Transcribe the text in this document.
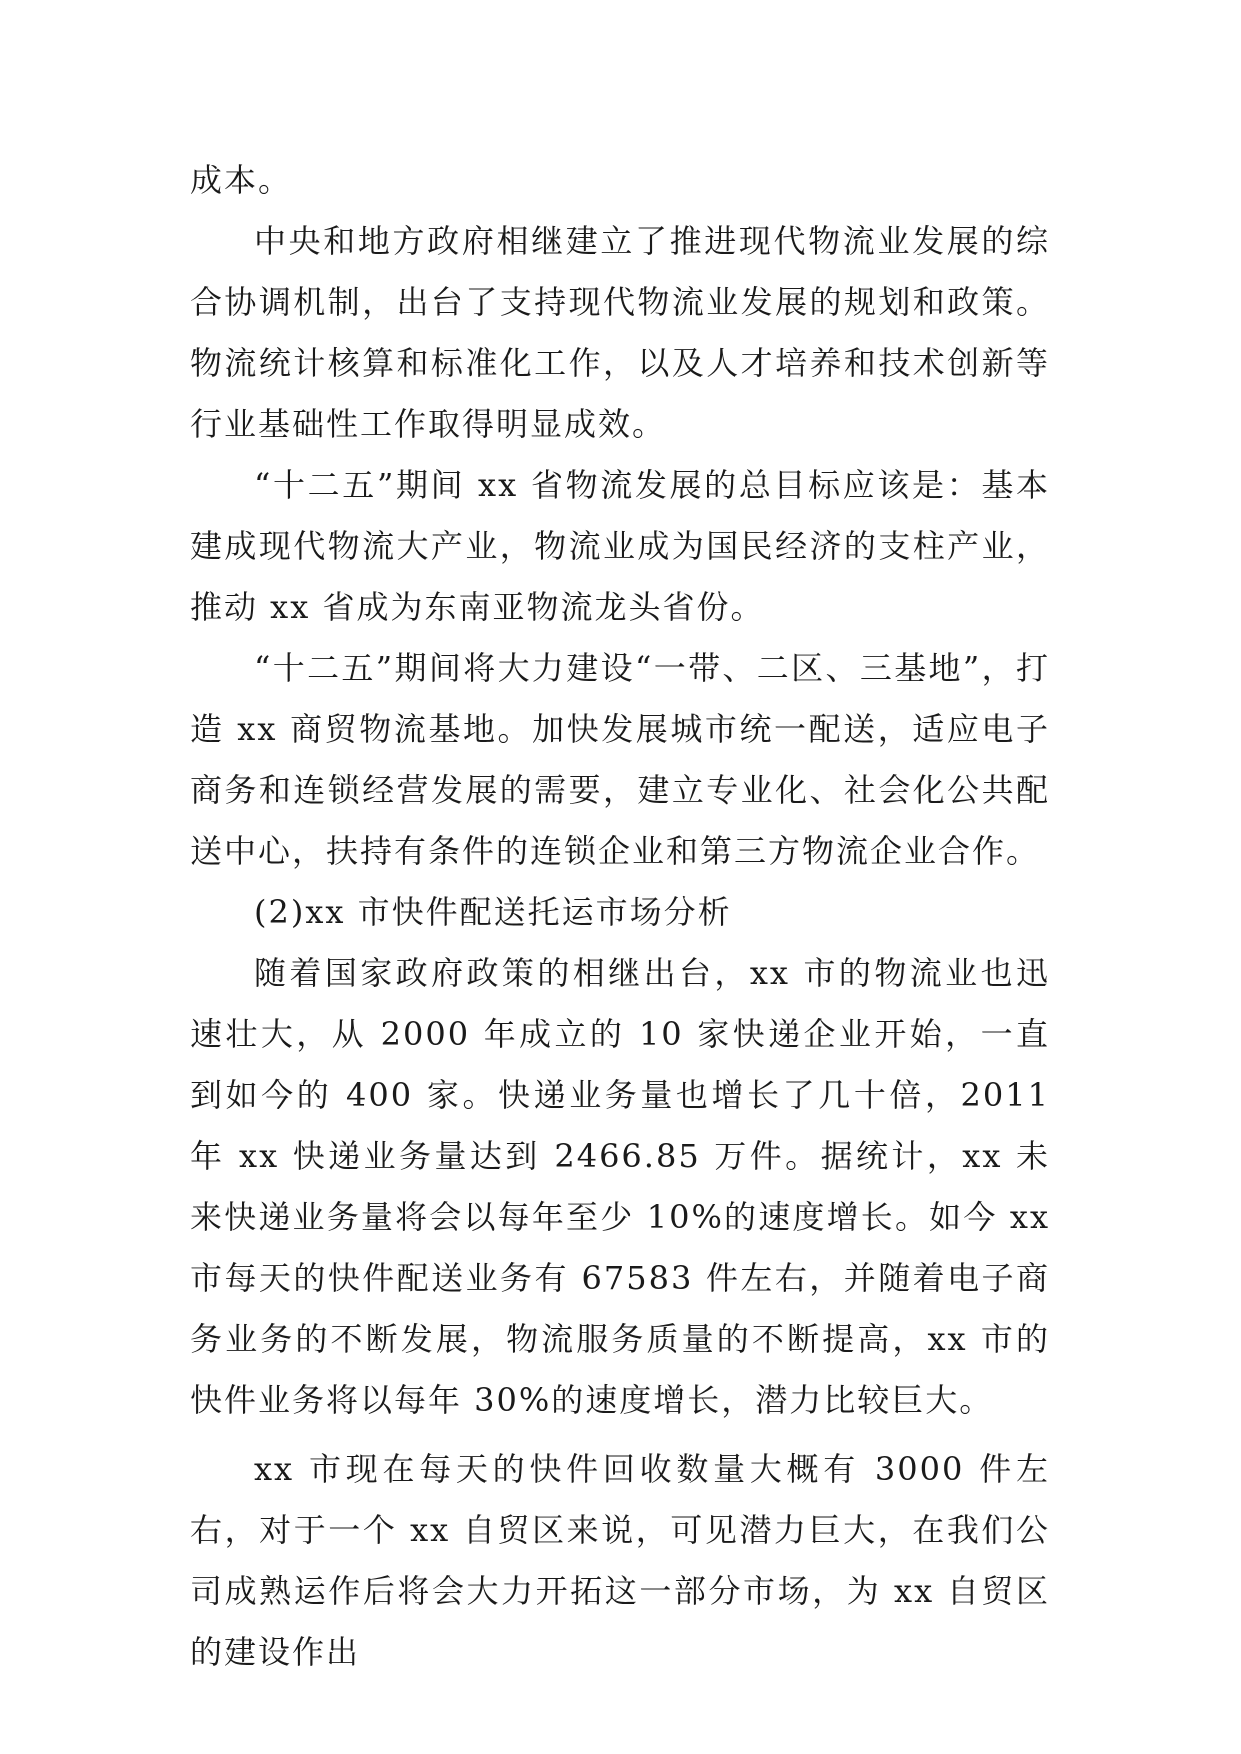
成本。

中央和地方政府相继建立了推进现代物流业发展的综合协调机制，出台了支持现代物流业发展的规划和政策。物流统计核算和标准化工作，以及人才培养和技术创新等行业基础性工作取得明显成效。

“十二五”期间 xx 省物流发展的总目标应该是：基本建成现代物流大产业，物流业成为国民经济的支柱产业，推动 xx 省成为东南亚物流龙头省份。

“十二五”期间将大力建设“一带、二区、三基地”，打造 xx 商贸物流基地。加快发展城市统一配送，适应电子商务和连锁经营发展的需要，建立专业化、社会化公共配送中心，扶持有条件的连锁企业和第三方物流企业合作。

(2)xx 市快件配送托运市场分析

随着国家政府政策的相继出台，xx 市的物流业也迅速壮大，从 2000 年成立的 10 家快递企业开始，一直到如今的 400 家。快递业务量也增长了几十倍，2011 年 xx 快递业务量达到 2466.85 万件。据统计，xx 未来快递业务量将会以每年至少 10%的速度增长。如今 xx 市每天的快件配送业务有 67583 件左右，并随着电子商务业务的不断发展，物流服务质量的不断提高，xx 市的快件业务将以每年 30%的速度增长，潜力比较巨大。

xx 市现在每天的快件回收数量大概有 3000 件左右，对于一个 xx 自贸区来说，可见潜力巨大，在我们公司成熟运作后将会大力开拓这一部分市场，为 xx 自贸区的建设作出
